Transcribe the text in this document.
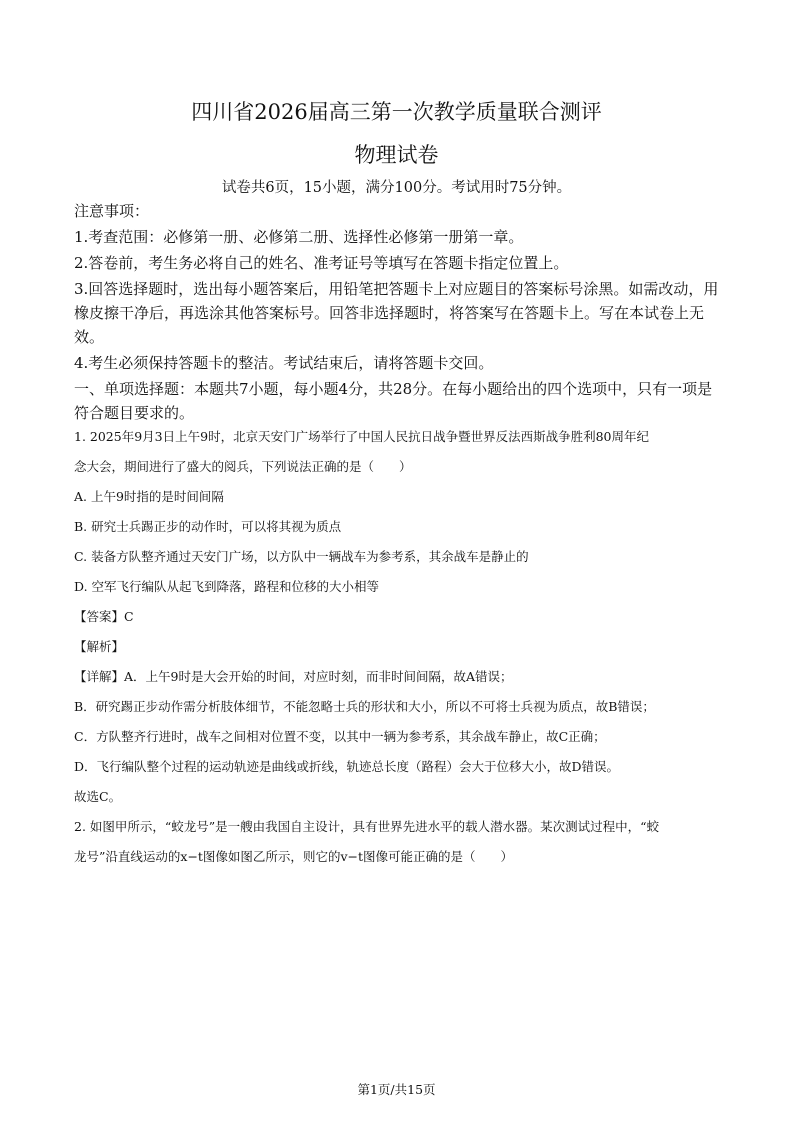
四川省2026届高三第一次教学质量联合测评
物理试卷
试卷共6页，15小题，满分100分。考试用时75分钟。

注意事项：

1.考查范围：必修第一册、必修第二册、选择性必修第一册第一章。

2.答卷前，考生务必将自己的姓名、准考证号等填写在答题卡指定位置上。

3.回答选择题时，选出每小题答案后，用铅笔把答题卡上对应题目的答案标号涂黑。如需改动，用橡皮擦干净后，再选涂其他答案标号。回答非选择题时，将答案写在答题卡上。写在本试卷上无效。

4.考生必须保持答题卡的整洁。考试结束后，请将答题卡交回。

一、单项选择题：本题共7小题，每小题4分，共28分。在每小题给出的四个选项中，只有一项是符合题目要求的。

1. 2025年9月3日上午9时，北京天安门广场举行了中国人民抗日战争暨世界反法西斯战争胜利80周年纪

念大会，期间进行了盛大的阅兵，下列说法正确的是（　　）

A. 上午9时指的是时间间隔

B. 研究士兵踢正步的动作时，可以将其视为质点

C. 装备方队整齐通过天安门广场，以方队中一辆战车为参考系，其余战车是静止的

D. 空军飞行编队从起飞到降落，路程和位移的大小相等

【答案】C

【解析】

【详解】A．上午9时是大会开始的时间，对应时刻，而非时间间隔，故A错误；

B．研究踢正步动作需分析肢体细节，不能忽略士兵的形状和大小，所以不可将士兵视为质点，故B错误；

C．方队整齐行进时，战车之间相对位置不变，以其中一辆为参考系，其余战车静止，故C正确；

D．飞行编队整个过程的运动轨迹是曲线或折线，轨迹总长度（路程）会大于位移大小，故D错误。

故选C。

2. 如图甲所示，“蛟龙号”是一艘由我国自主设计，具有世界先进水平的载人潜水器。某次测试过程中，“蛟

龙号”沿直线运动的x−t图像如图乙所示，则它的v−t图像可能正确的是（　　）

第1页/共15页
